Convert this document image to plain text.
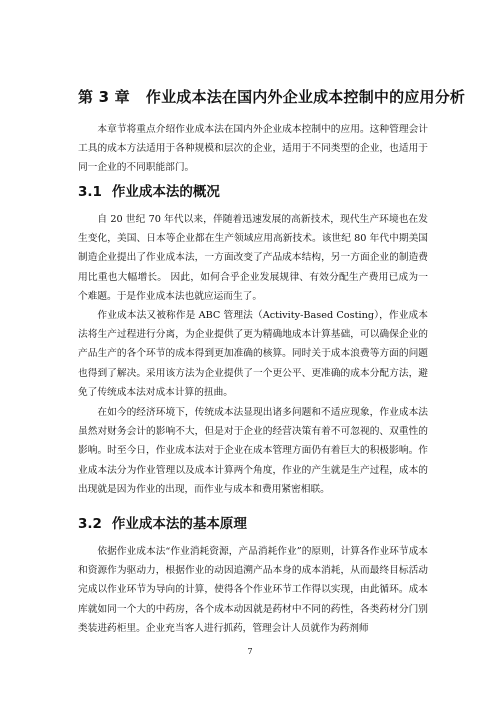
第 3 章 作业成本法在国内外企业成本控制中的应用分析
本章节将重点介绍作业成本法在国内外企业成本控制中的应用。这种管理会计工具的成本方法适用于各种规模和层次的企业，适用于不同类型的企业，也适用于同一企业的不同职能部门。
3.1 作业成本法的概况
自 20 世纪 70 年代以来，伴随着迅速发展的高新技术，现代生产环境也在发生变化，美国、日本等企业都在生产领域应用高新技术。该世纪 80 年代中期美国制造企业提出了作业成本法，一方面改变了产品成本结构，另一方面企业的制造费用比重也大幅增长。 因此，如何合乎企业发展规律、有效分配生产费用已成为一个难题。于是作业成本法也就应运而生了。
作业成本法又被称作是 ABC 管理法（Activity-Based Costing），作业成本法将生产过程进行分离，为企业提供了更为精确地成本计算基础，可以确保企业的产品生产的各个环节的成本得到更加准确的核算。同时关于成本浪费等方面的问题也得到了解决。采用该方法为企业提供了一个更公平、更准确的成本分配方法，避免了传统成本法对成本计算的扭曲。
在如今的经济环境下，传统成本法显现出诸多问题和不适应现象，作业成本法虽然对财务会计的影响不大，但是对于企业的经营决策有着不可忽视的、双重性的影响。时至今日，作业成本法对于企业在成本管理方面仍有着巨大的积极影响。作业成本法分为作业管理以及成本计算两个角度，作业的产生就是生产过程，成本的出现就是因为作业的出现，而作业与成本和费用紧密相联。
3.2 作业成本法的基本原理
依据作业成本法“作业消耗资源，产品消耗作业”的原则，计算各作业环节成本和资源作为驱动力，根据作业的动因追溯产品本身的成本消耗，从而最终目标活动完成以作业环节为导向的计算，使得各个作业环节工作得以实现，由此循环。成本库就如同一个大的中药房，各个成本动因就是药材中不同的药性，各类药材分门别类装进药柜里。企业充当客人进行抓药，管理会计人员就作为药剂师
7
